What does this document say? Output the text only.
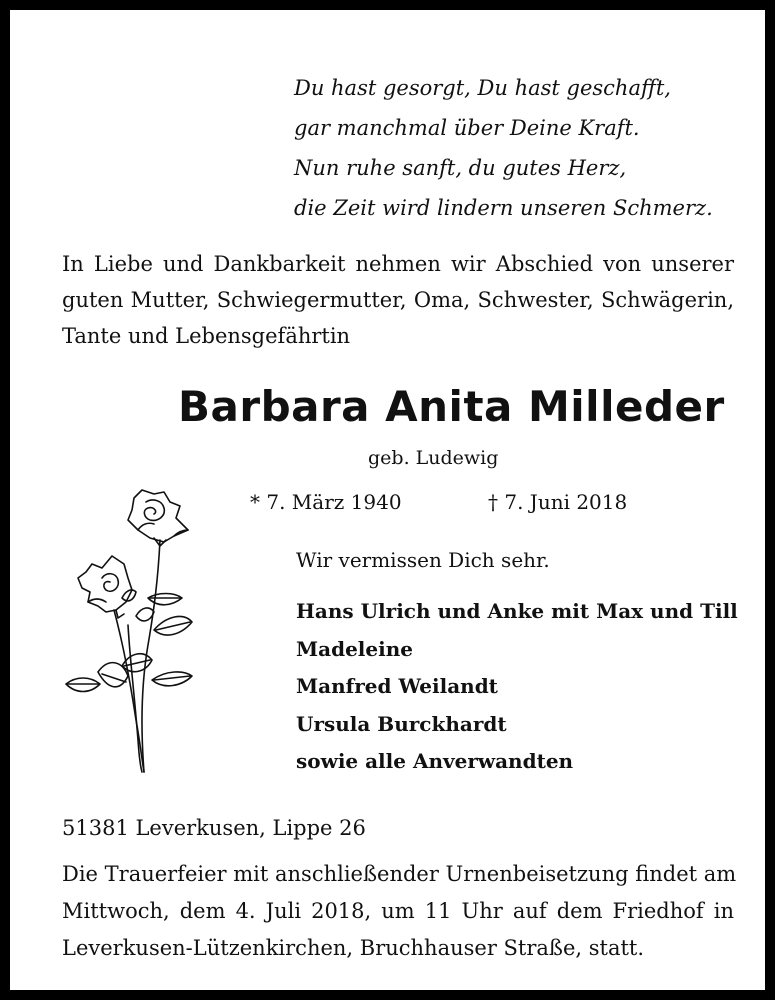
Du hast gesorgt, Du hast geschafft,
gar manchmal über Deine Kraft.
Nun ruhe sanft, du gutes Herz,
die Zeit wird lindern unseren Schmerz.
In Liebe und Dankbarkeit nehmen wir Abschied von unserer
guten Mutter, Schwiegermutter, Oma, Schwester, Schwägerin,
Tante und Lebensgefährtin
Barbara Anita Milleder
geb. Ludewig
* 7. März 1940	† 7. Juni 2018
Wir vermissen Dich sehr.
Hans Ulrich und Anke mit Max und Till
Madeleine
Manfred Weilandt
Ursula Burckhardt
sowie alle Anverwandten
51381 Leverkusen, Lippe 26
Die Trauerfeier mit anschließender Urnenbeisetzung findet am
Mittwoch, dem 4. Juli 2018, um 11 Uhr auf dem Friedhof in
Leverkusen-Lützenkirchen, Bruchhauser Straße, statt.
